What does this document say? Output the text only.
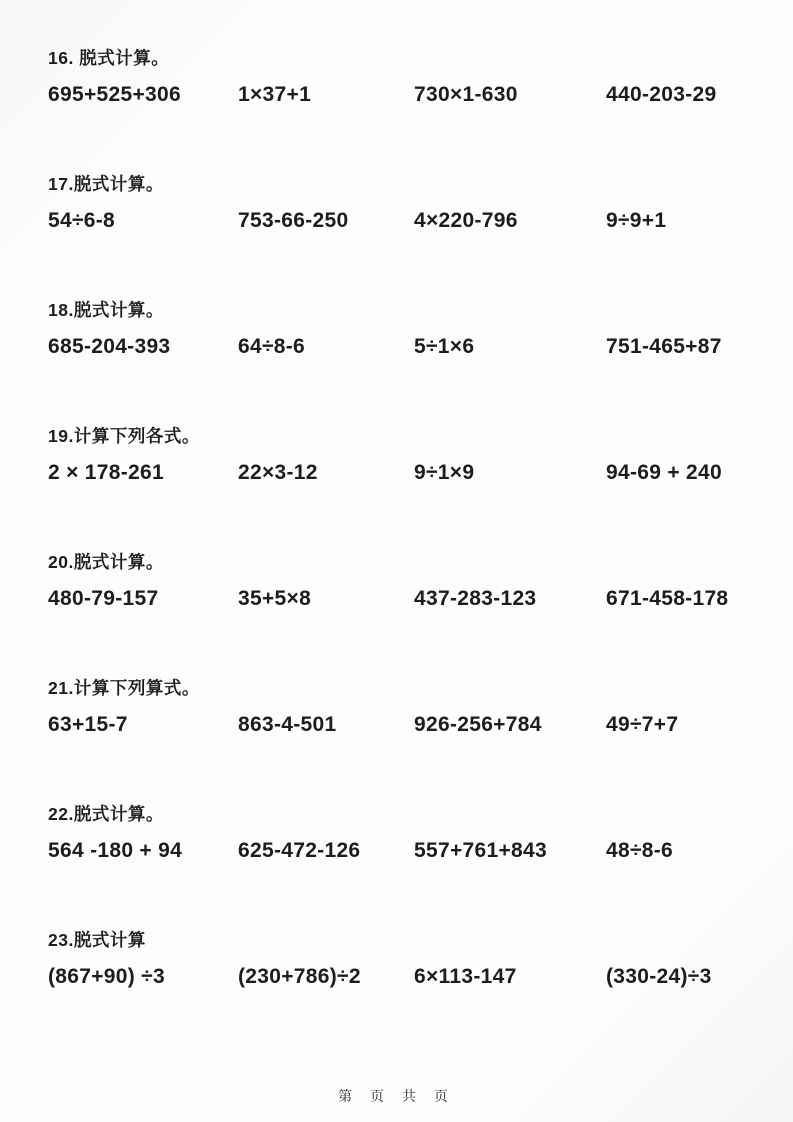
16. 脱式计算。
695+525+306	1×37+1	730×1-630	440-203-29
17.脱式计算。
54÷6-8	753-66-250	4×220-796	9÷9+1
18.脱式计算。
685-204-393	64÷8-6	5÷1×6	751-465+87
19.计算下列各式。
2 × 178-261	22×3-12	9÷1×9	94-69 + 240
20.脱式计算。
480-79-157	35+5×8	437-283-123	671-458-178
21.计算下列算式。
63+15-7	863-4-501	926-256+784	49÷7+7
22.脱式计算。
564 -180 + 94	625-472-126	557+761+843	48÷8-6
23.脱式计算
(867+90) ÷3	(230+786)÷2	6×113-147	(330-24)÷3
第 页 共 页
